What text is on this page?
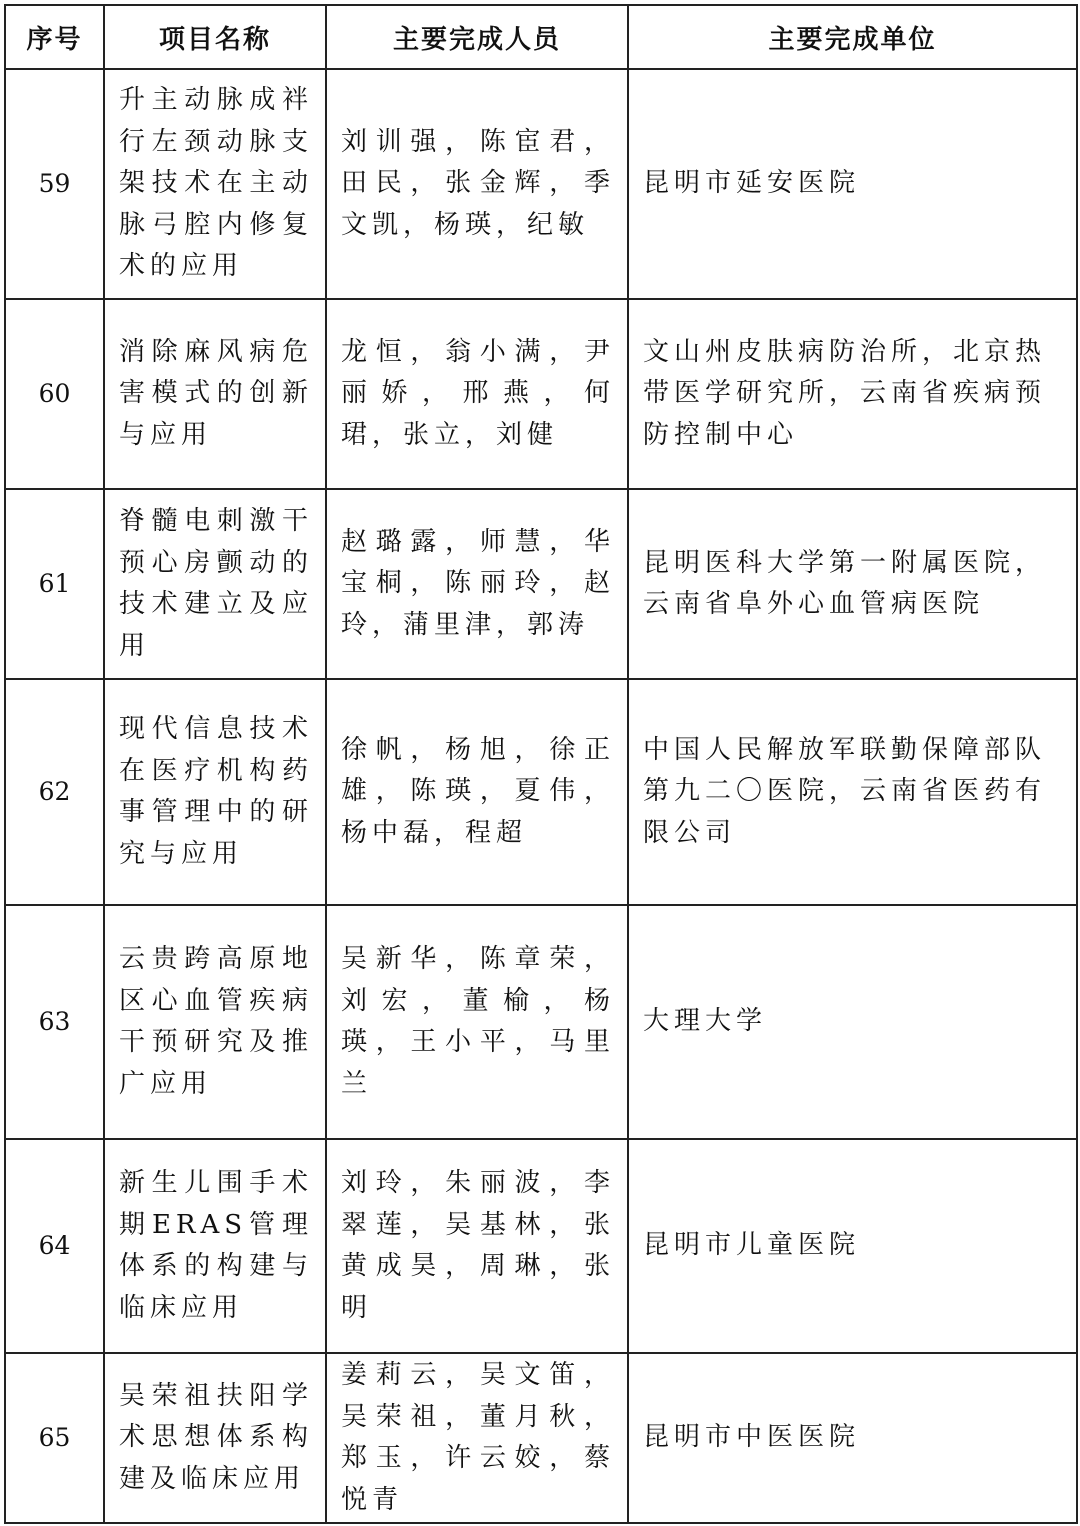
序号	项目名称	主要完成人员	主要完成单位
59	升主动脉成袢行左颈动脉支架技术在主动脉弓腔内修复术的应用	刘训强，陈宦君，田民，张金辉，季文凯，杨瑛，纪敏	昆明市延安医院
60	消除麻风病危害模式的创新与应用	龙恒，翁小满，尹丽娇，邢燕，何珺，张立，刘健	文山州皮肤病防治所，北京热带医学研究所，云南省疾病预防控制中心
61	脊髓电刺激干预心房颤动的技术建立及应用	赵璐露，师慧，华宝桐，陈丽玲，赵玲，蒲里津，郭涛	昆明医科大学第一附属医院，云南省阜外心血管病医院
62	现代信息技术在医疗机构药事管理中的研究与应用	徐帆，杨旭，徐正雄，陈瑛，夏伟，杨中磊，程超	中国人民解放军联勤保障部队第九二〇医院，云南省医药有限公司
63	云贵跨高原地区心血管疾病干预研究及推广应用	吴新华，陈章荣，刘宏，董榆，杨瑛，王小平，马里兰	大理大学
64	新生儿围手术期ERAS管理体系的构建与临床应用	刘玲，朱丽波，李翠莲，吴基林，张黄成昊，周琳，张明	昆明市儿童医院
65	吴荣祖扶阳学术思想体系构建及临床应用	姜莉云，吴文笛，吴荣祖，董月秋，郑玉，许云姣，蔡悦青	昆明市中医医院
